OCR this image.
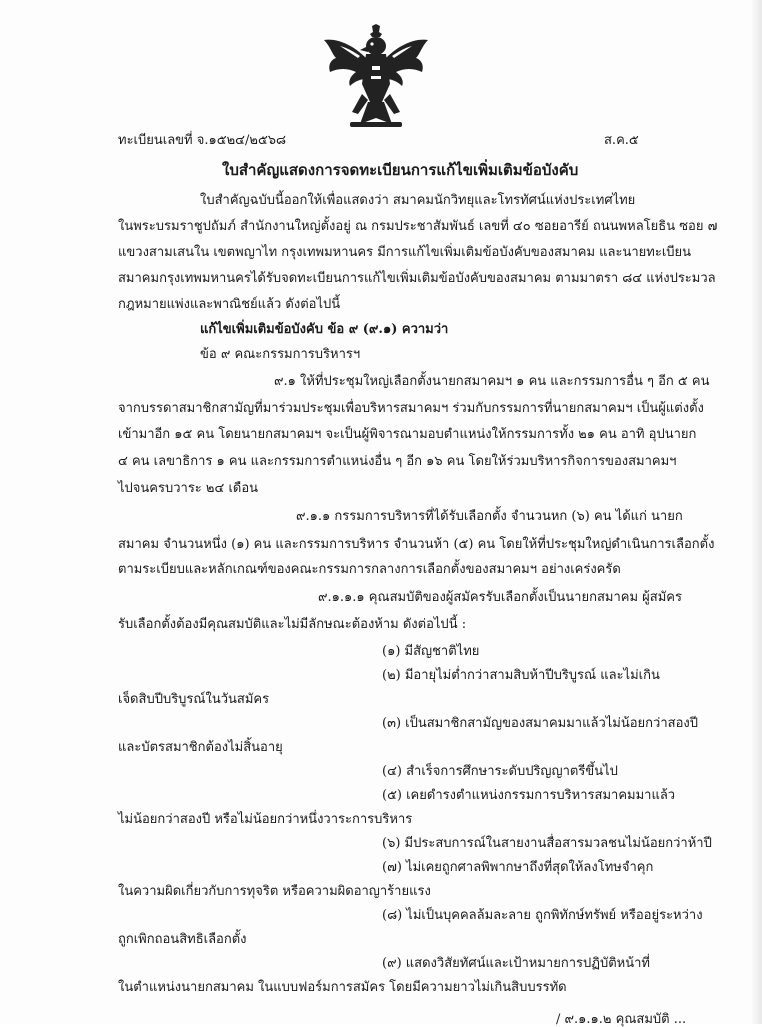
ทะเบียนเลขที่ จ.๑๕๒๔/๒๕๖๘	ส.ค.๕
ใบสำคัญแสดงการจดทะเบียนการแก้ไขเพิ่มเติมข้อบังคับ
ใบสำคัญฉบับนี้ออกให้เพื่อแสดงว่า สมาคมนักวิทยุและโทรทัศน์แห่งประเทศไทย
ในพระบรมราชูปถัมภ์ สำนักงานใหญ่ตั้งอยู่ ณ กรมประชาสัมพันธ์ เลขที่ ๔๐ ซอยอารีย์ ถนนพหลโยธิน ซอย ๗
แขวงสามเสนใน เขตพญาไท กรุงเทพมหานคร มีการแก้ไขเพิ่มเติมข้อบังคับของสมาคม และนายทะเบียน
สมาคมกรุงเทพมหานครได้รับจดทะเบียนการแก้ไขเพิ่มเติมข้อบังคับของสมาคม ตามมาตรา ๘๔ แห่งประมวล
กฎหมายแพ่งและพาณิชย์แล้ว ดังต่อไปนี้
แก้ไขเพิ่มเติมข้อบังคับ ข้อ ๙ (๙.๑) ความว่า
ข้อ ๙ คณะกรรมการบริหารฯ
๙.๑ ให้ที่ประชุมใหญ่เลือกตั้งนายกสมาคมฯ ๑ คน และกรรมการอื่น ๆ อีก ๕ คน
จากบรรดาสมาชิกสามัญที่มาร่วมประชุมเพื่อบริหารสมาคมฯ ร่วมกับกรรมการที่นายกสมาคมฯ เป็นผู้แต่งตั้ง
เข้ามาอีก ๑๕ คน โดยนายกสมาคมฯ จะเป็นผู้พิจารณามอบตำแหน่งให้กรรมการทั้ง ๒๑ คน อาทิ อุปนายก
๔ คน เลขาธิการ ๑ คน และกรรมการตำแหน่งอื่น ๆ อีก ๑๖ คน โดยให้ร่วมบริหารกิจการของสมาคมฯ
ไปจนครบวาระ ๒๔ เดือน
๙.๑.๑ กรรมการบริหารที่ได้รับเลือกตั้ง จำนวนหก (๖) คน ได้แก่ นายก
สมาคม จำนวนหนึ่ง (๑) คน และกรรมการบริหาร จำนวนห้า (๕) คน โดยให้ที่ประชุมใหญ่ดำเนินการเลือกตั้ง
ตามระเบียบและหลักเกณฑ์ของคณะกรรมการกลางการเลือกตั้งของสมาคมฯ อย่างเคร่งครัด
๙.๑.๑.๑ คุณสมบัติของผู้สมัครรับเลือกตั้งเป็นนายกสมาคม ผู้สมัคร
รับเลือกตั้งต้องมีคุณสมบัติและไม่มีลักษณะต้องห้าม ดังต่อไปนี้ :
(๑) มีสัญชาติไทย
(๒) มีอายุไม่ต่ำกว่าสามสิบห้าปีบริบูรณ์ และไม่เกิน
เจ็ดสิบปีบริบูรณ์ในวันสมัคร
(๓) เป็นสมาชิกสามัญของสมาคมมาแล้วไม่น้อยกว่าสองปี
และบัตรสมาชิกต้องไม่สิ้นอายุ
(๔) สำเร็จการศึกษาระดับปริญญาตรีขึ้นไป
(๕) เคยดำรงตำแหน่งกรรมการบริหารสมาคมมาแล้ว
ไม่น้อยกว่าสองปี หรือไม่น้อยกว่าหนึ่งวาระการบริหาร
(๖) มีประสบการณ์ในสายงานสื่อสารมวลชนไม่น้อยกว่าห้าปี
(๗) ไม่เคยถูกศาลพิพากษาถึงที่สุดให้ลงโทษจำคุก
ในความผิดเกี่ยวกับการทุจริต หรือความผิดอาญาร้ายแรง
(๘) ไม่เป็นบุคคลล้มละลาย ถูกพิทักษ์ทรัพย์ หรืออยู่ระหว่าง
ถูกเพิกถอนสิทธิเลือกตั้ง
(๙) แสดงวิสัยทัศน์และเป้าหมายการปฏิบัติหน้าที่
ในตำแหน่งนายกสมาคม ในแบบฟอร์มการสมัคร โดยมีความยาวไม่เกินสิบบรรทัด
/ ๙.๑.๑.๒ คุณสมบัติ ...
